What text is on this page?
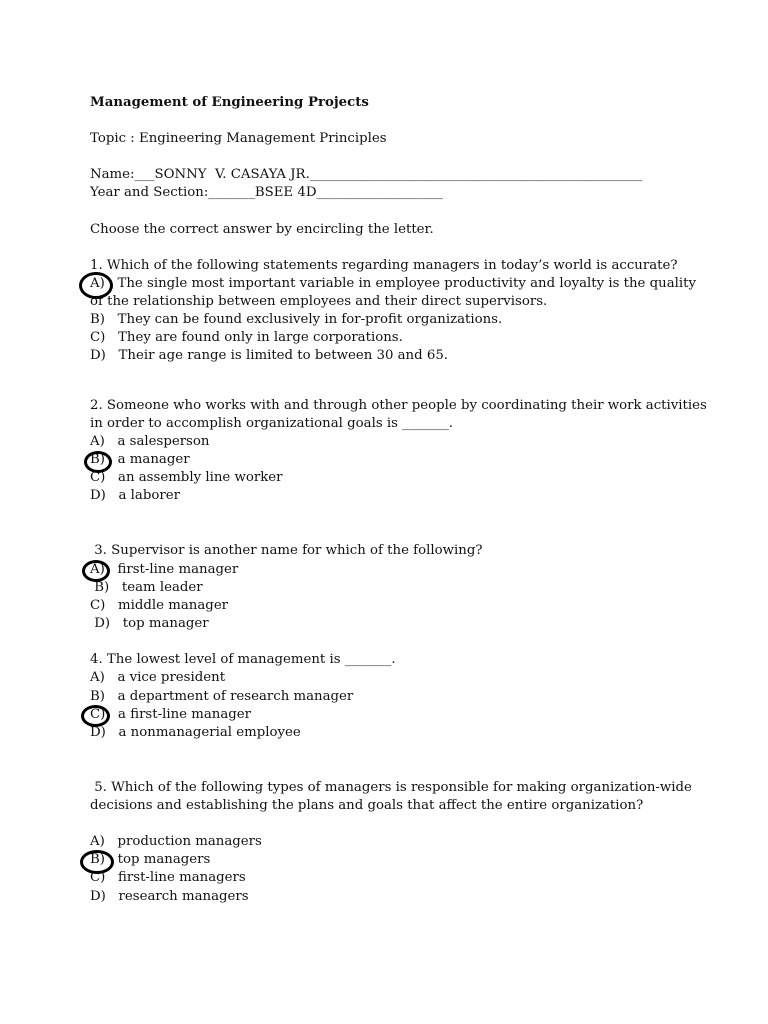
Management of Engineering Projects
Topic : Engineering Management Principles
Name:___SONNY  V. CASAYA JR.__________________________________________________
Year and Section:_______BSEE 4D___________________
Choose the correct answer by encircling the letter.
1. Which of the following statements regarding managers in today’s world is accurate?
A)   The single most important variable in employee productivity and loyalty is the quality
of the relationship between employees and their direct supervisors.
B)   They can be found exclusively in for-profit organizations.
C)   They are found only in large corporations.
D)   Their age range is limited to between 30 and 65.
2. Someone who works with and through other people by coordinating their work activities
in order to accomplish organizational goals is _______.
A)   a salesperson
B)   a manager
C)   an assembly line worker
D)   a laborer
3. Supervisor is another name for which of the following?
A)   first-line manager
B)   team leader
C)   middle manager
D)   top manager
4. The lowest level of management is _______.
A)   a vice president
B)   a department of research manager
C)   a first-line manager
D)   a nonmanagerial employee
5. Which of the following types of managers is responsible for making organization-wide
decisions and establishing the plans and goals that affect the entire organization?
A)   production managers
B)   top managers
C)   first-line managers
D)   research managers
